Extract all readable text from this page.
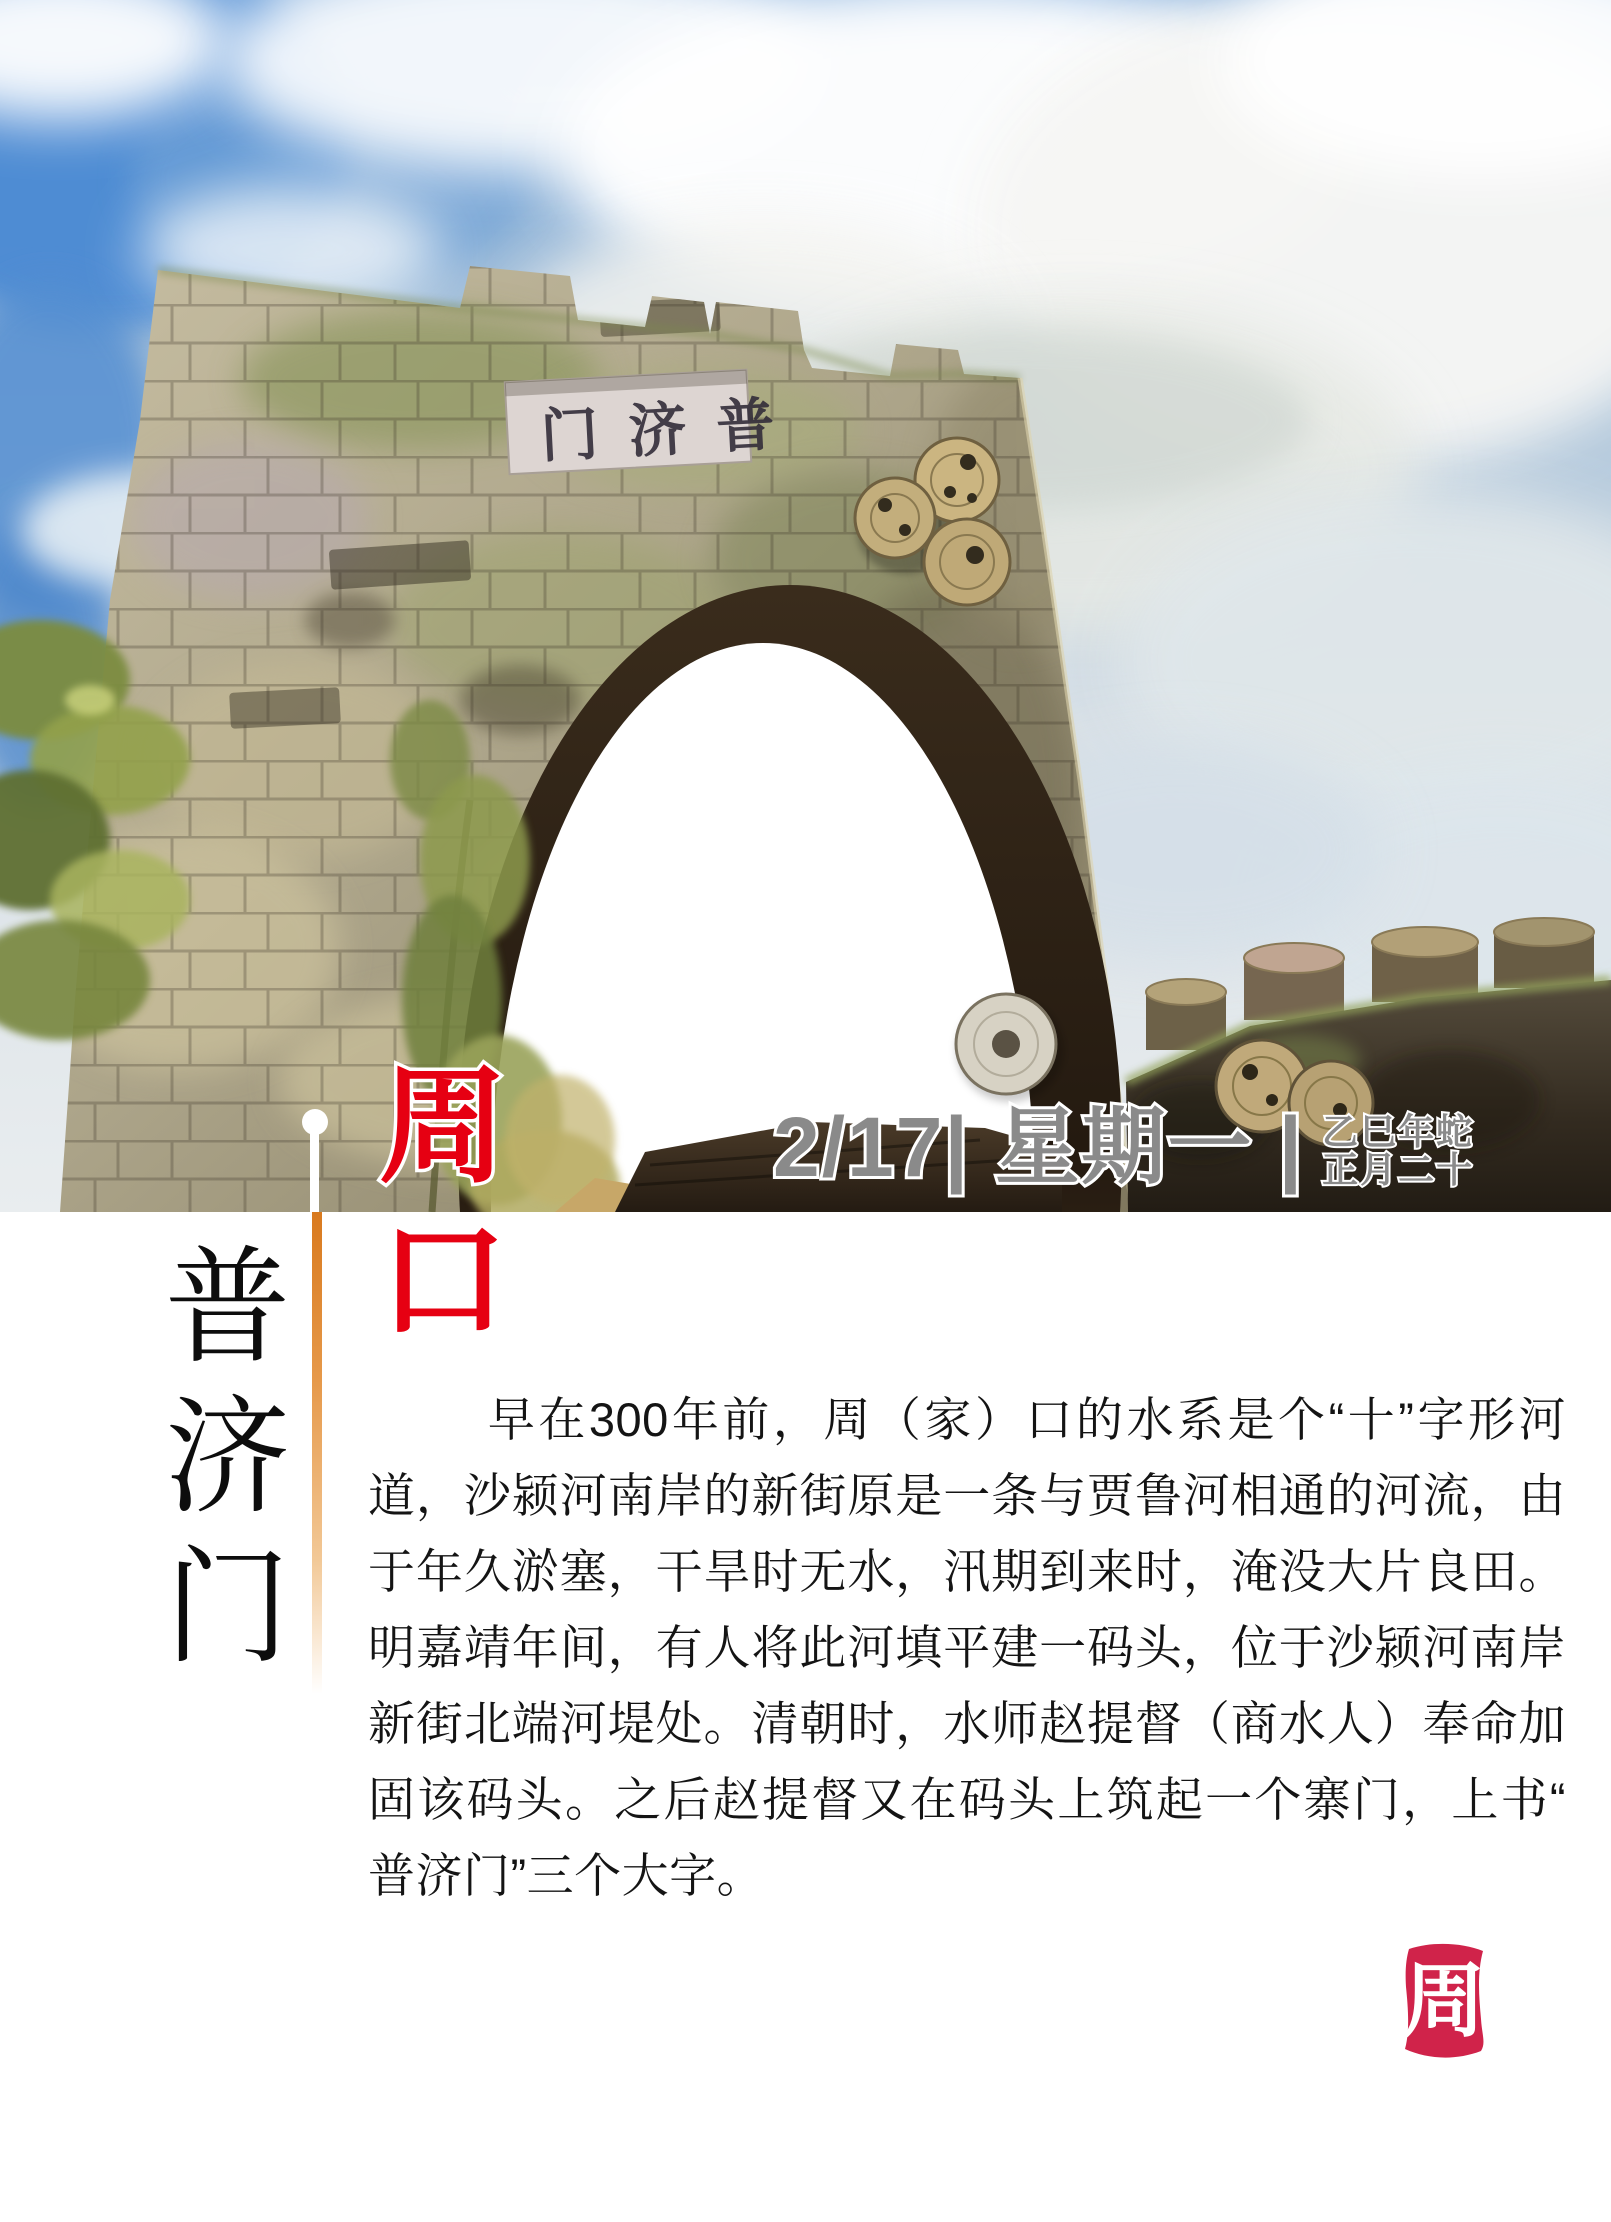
门济普
周口	2/17| 星期一 | 乙巳年蛇
正月二十
普济门	早在300年前，周（家）口的水系是个“十”字形河
道，沙颍河南岸的新街原是一条与贾鲁河相通的河流，由
于年久淤塞，干旱时无水，汛期到来时，淹没大片良田。
明嘉靖年间，有人将此河填平建一码头，位于沙颍河南岸
新街北端河堤处。清朝时，水师赵提督（商水人）奉命加
固该码头。之后赵提督又在码头上筑起一个寨门，上书“
普济门”三个大字。
周
